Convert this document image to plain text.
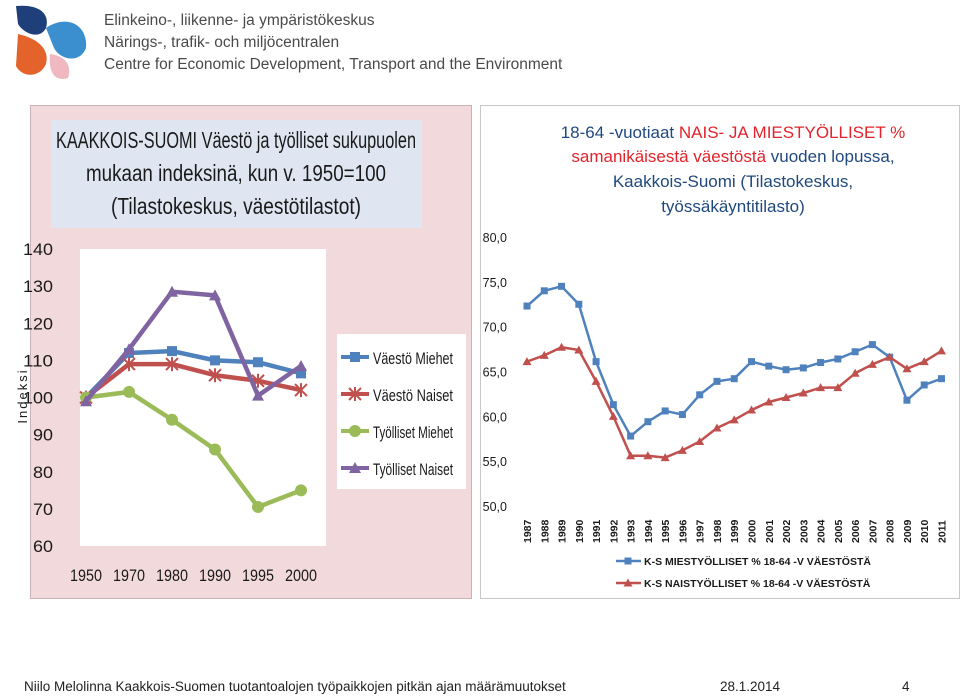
Elinkeino-, liikenne- ja ympäristökeskus
Närings-, trafik- och miljöcentralen
Centre for Economic Development, Transport and the Environment
KAAKKOIS-SUOMI Väestö ja työlliset sukupuolen
mukaan indeksinä, kun v. 1950=100
(Tilastokeskus, väestötilastot)
60
70
80
90
100
110
120
130
140
Indeksi
1950 1970 1980 1990 1995 2000
Väestö Miehet
Väestö Naiset
Työlliset Miehet
Työlliset Naiset
18-64 -vuotiaat NAIS- JA MIESTYÖLLISET %
samanikäisestä väestöstä vuoden lopussa,
Kaakkois-Suomi (Tilastokeskus,
työssäkäyntitilasto)
50,0
55,0
60,0
65,0
70,0
75,0
80,0
1987 1988 1989 1990 1991 1992 1993 1994 1995 1996 1997 1998 1999 2000 2001 2002 2003 2004 2005 2006 2007 2008 2009 2010 2011
K-S MIESTYÖLLISET % 18-64 -V VÄESTÖSTÄ
K-S NAISTYÖLLISET % 18-64 -V VÄESTÖSTÄ
Niilo Melolinna Kaakkois-Suomen tuotantoalojen työpaikkojen pitkän ajan määrämuutokset	28.1.2014	4
